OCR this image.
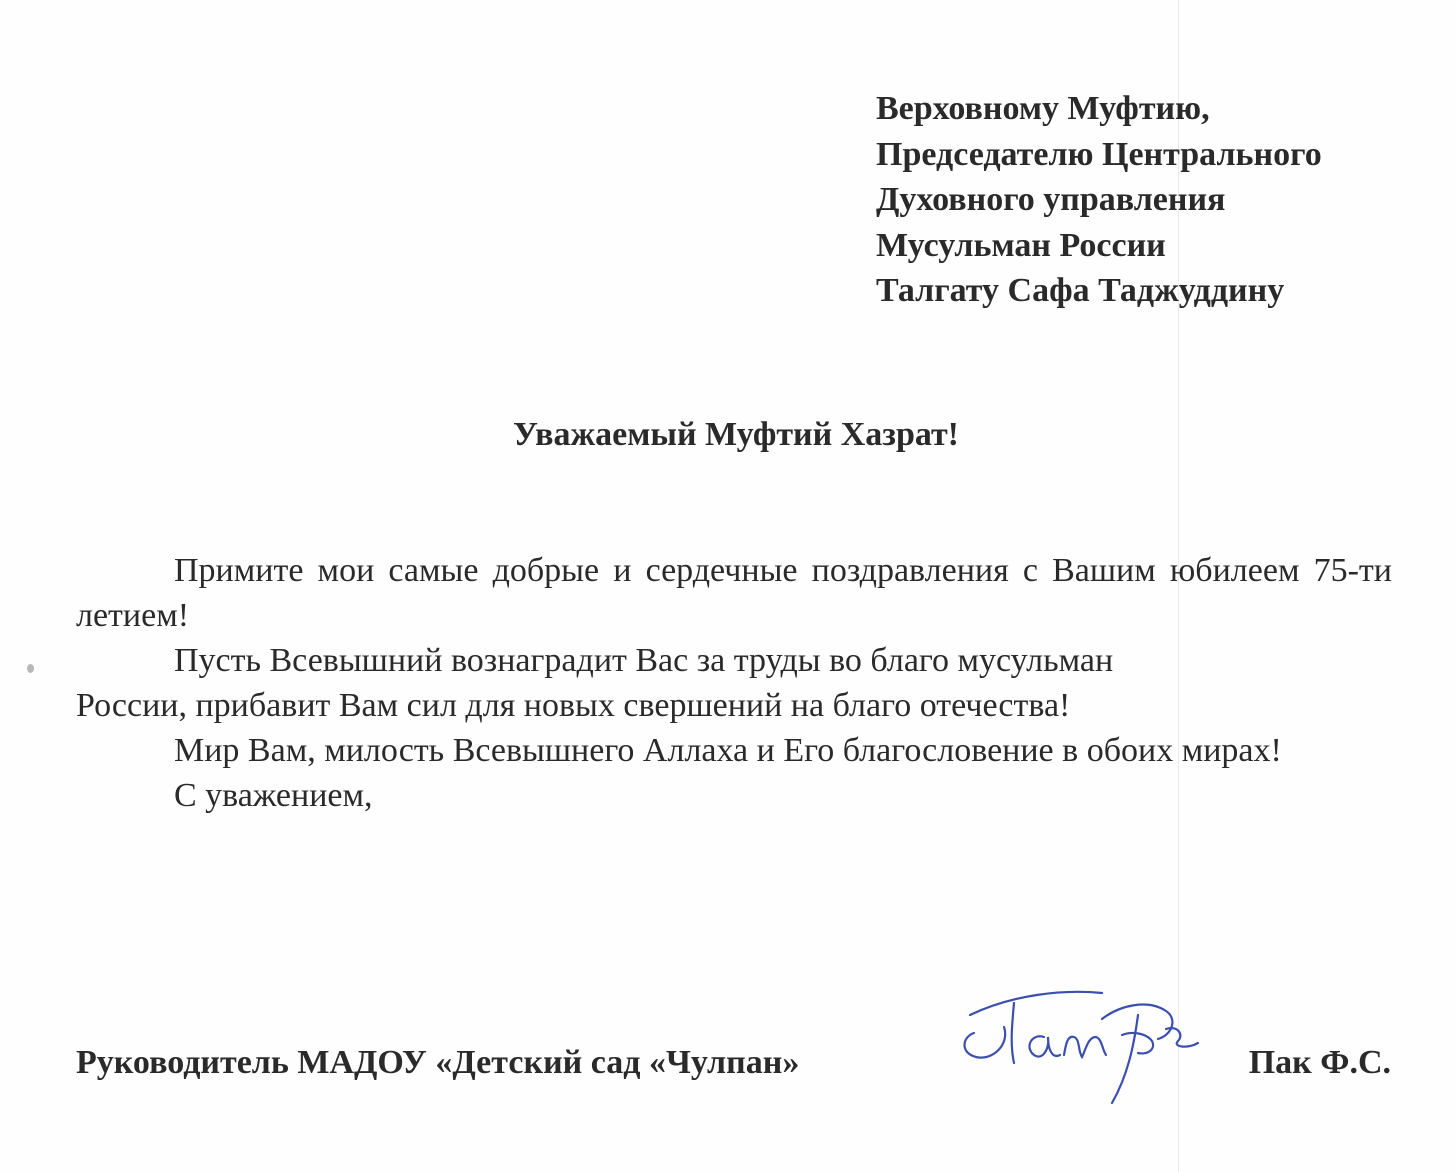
Верховному Муфтию,
Председателю Центрального
Духовного управления
Мусульман России
Талгату Сафа Таджуддину
Уважаемый Муфтий Хазрат!

Примите мои самые добрые и сердечные поздравления с Вашим юбилеем 75-ти летием!

Пусть Всевышний вознаградит Вас за труды во благо мусульман

России, прибавит Вам сил для новых свершений на благо отечества!

Мир Вам, милость Всевышнего Аллаха и Его благословение в обоих мирах!

С уважением,

Руководитель МАДОУ «Детский сад «Чулпан»	Пак Ф.С.
